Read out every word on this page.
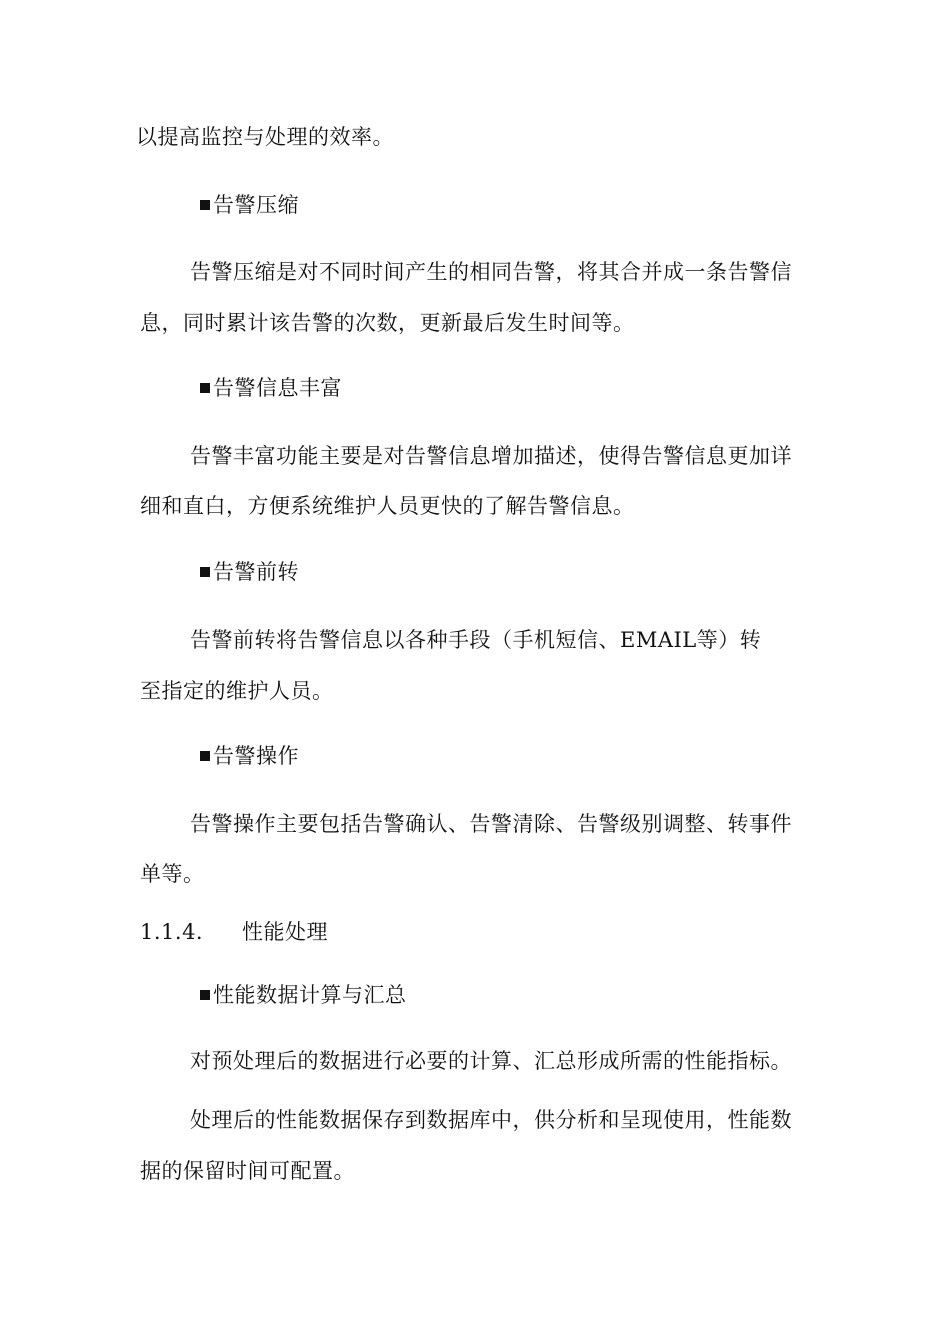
以提高监控与处理的效率。
告警压缩
告警压缩是对不同时间产生的相同告警，将其合并成一条告警信
息，同时累计该告警的次数，更新最后发生时间等。
告警信息丰富
告警丰富功能主要是对告警信息增加描述，使得告警信息更加详
细和直白，方便系统维护人员更快的了解告警信息。
告警前转
告警前转将告警信息以各种手段（手机短信、EMAIL等）转
至指定的维护人员。
告警操作
告警操作主要包括告警确认、告警清除、告警级别调整、转事件
单等。
1.1.4. 性能处理
性能数据计算与汇总
对预处理后的数据进行必要的计算、汇总形成所需的性能指标。
处理后的性能数据保存到数据库中，供分析和呈现使用，性能数
据的保留时间可配置。
